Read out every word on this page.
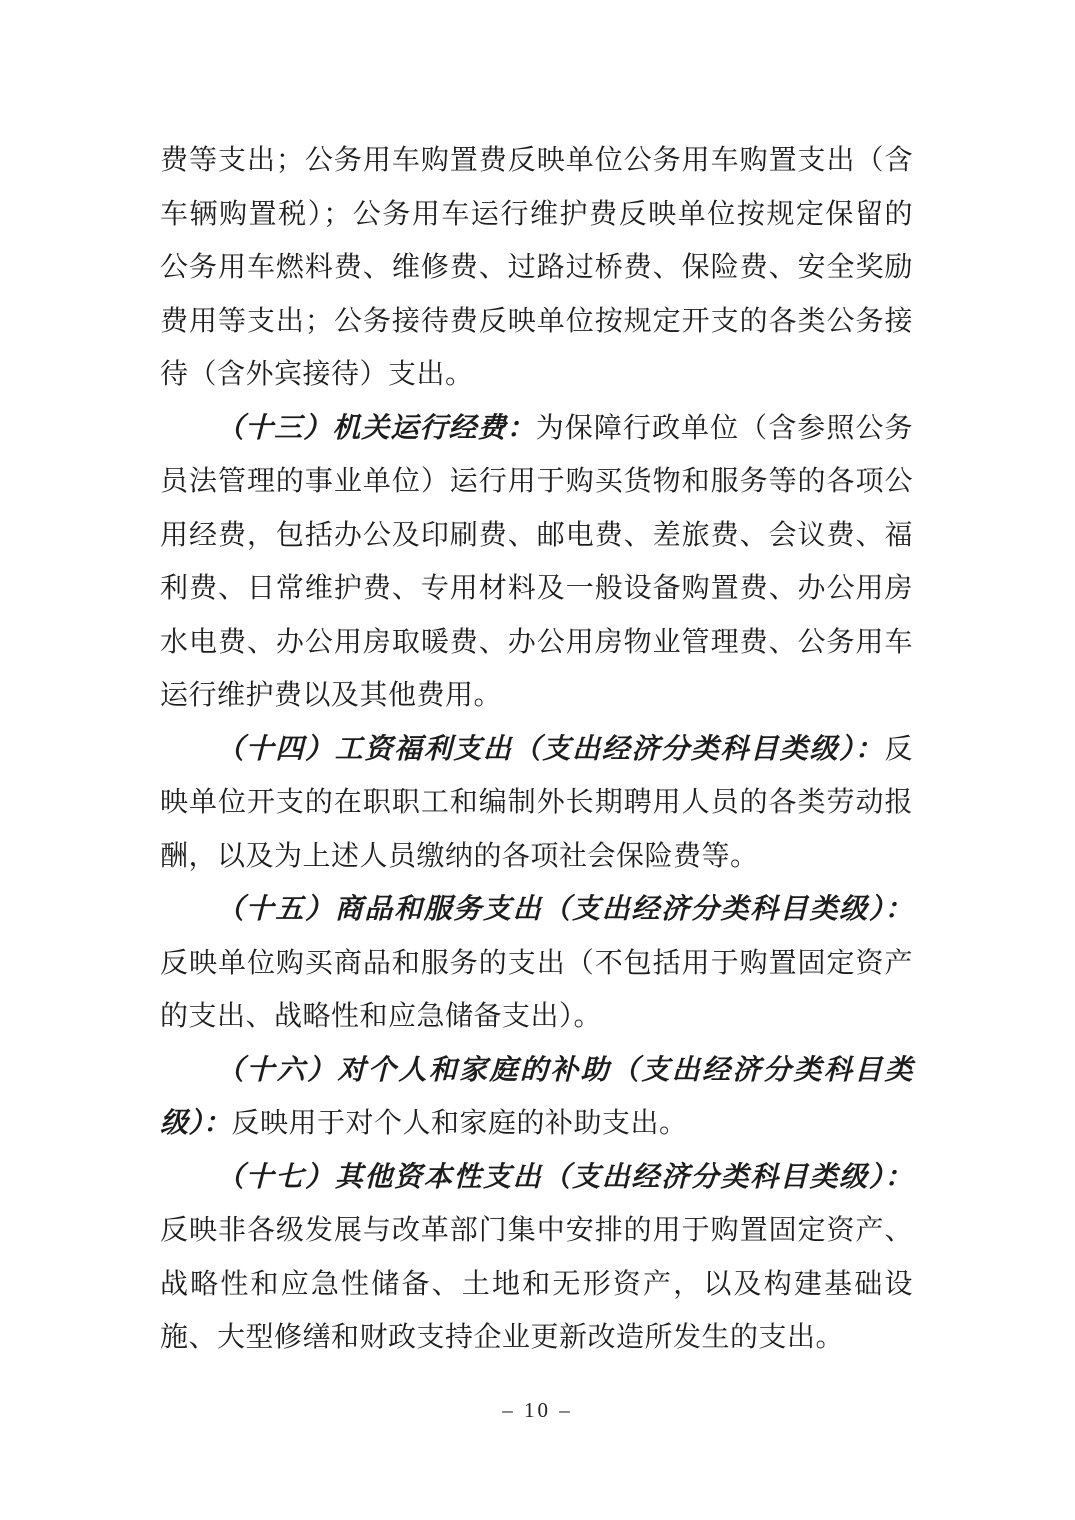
费等支出；公务用车购置费反映单位公务用车购置支出（含车辆购置税）；公务用车运行维护费反映单位按规定保留的公务用车燃料费、维修费、过路过桥费、保险费、安全奖励费用等支出；公务接待费反映单位按规定开支的各类公务接待（含外宾接待）支出。

（十三）机关运行经费：为保障行政单位（含参照公务员法管理的事业单位）运行用于购买货物和服务等的各项公用经费，包括办公及印刷费、邮电费、差旅费、会议费、福利费、日常维护费、专用材料及一般设备购置费、办公用房水电费、办公用房取暖费、办公用房物业管理费、公务用车运行维护费以及其他费用。

（十四）工资福利支出（支出经济分类科目类级）：反映单位开支的在职职工和编制外长期聘用人员的各类劳动报酬，以及为上述人员缴纳的各项社会保险费等。

（十五）商品和服务支出（支出经济分类科目类级）：反映单位购买商品和服务的支出（不包括用于购置固定资产的支出、战略性和应急储备支出）。

（十六）对个人和家庭的补助（支出经济分类科目类级）：反映用于对个人和家庭的补助支出。

（十七）其他资本性支出（支出经济分类科目类级）：反映非各级发展与改革部门集中安排的用于购置固定资产、战略性和应急性储备、土地和无形资产，以及构建基础设施、大型修缮和财政支持企业更新改造所发生的支出。

– 10 –
